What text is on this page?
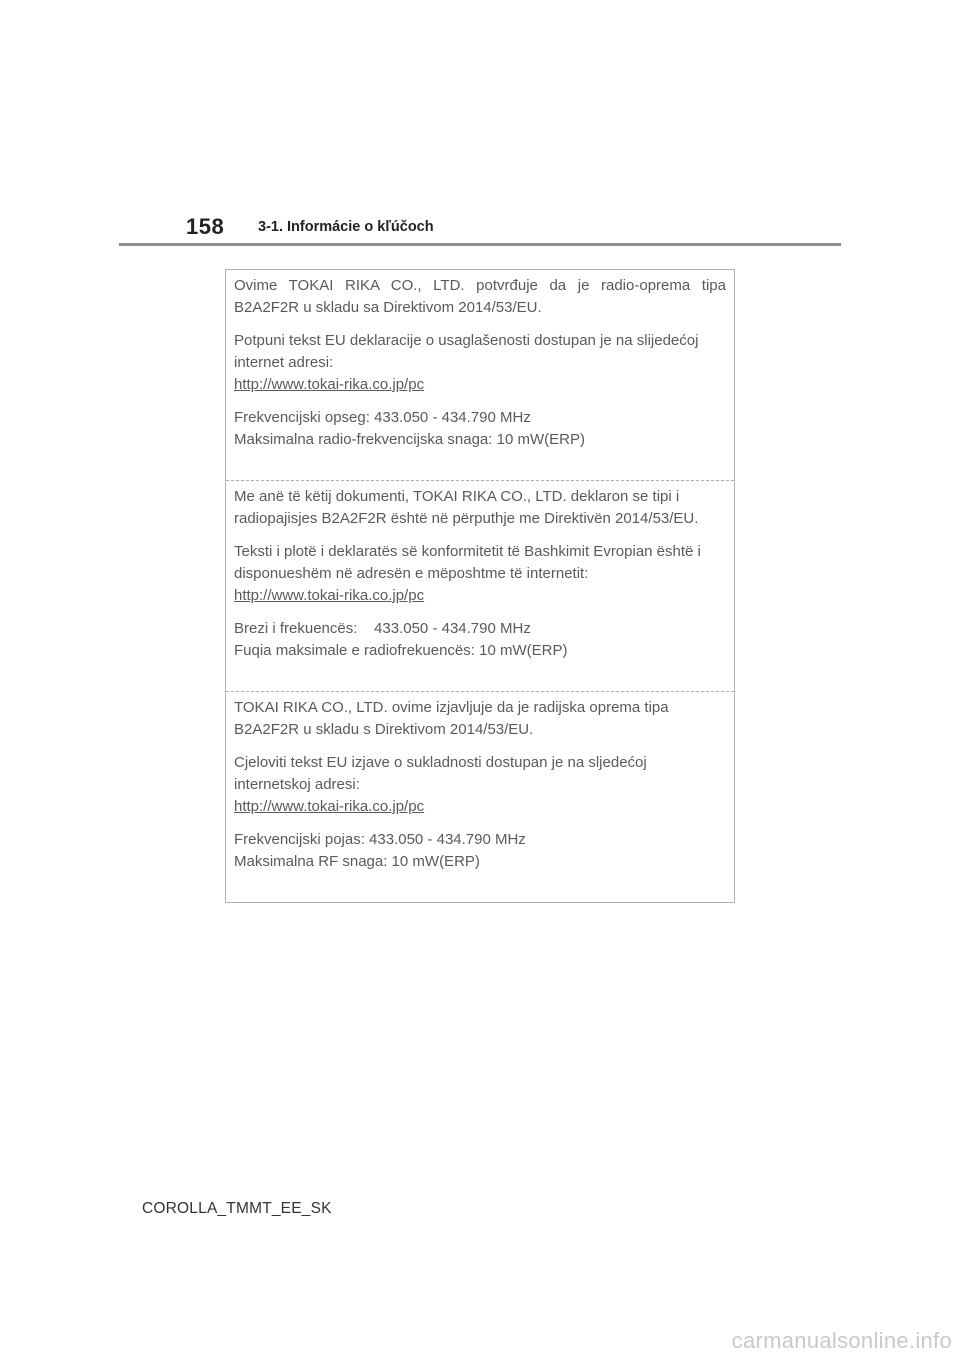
158 3-1. Informácie o kľúčoch

Ovime TOKAI RIKA CO., LTD. potvrđuje da je radio-oprema tipa

B2A2F2R u skladu sa Direktivom 2014/53/EU.

Potpuni tekst EU deklaracije o usaglašenosti dostupan je na slijedećoj

internet adresi:

http://www.tokai-rika.co.jp/pc

Frekvencijski opseg: 433.050 - 434.790 MHz

Maksimalna radio-frekvencijska snaga: 10 mW(ERP)

Me anë të këtij dokumenti, TOKAI RIKA CO., LTD. deklaron se tipi i

radiopajisjes B2A2F2R është në përputhje me Direktivën 2014/53/EU.

Teksti i plotë i deklaratës së konformitetit të Bashkimit Evropian është i

disponueshëm në adresën e mëposhtme të internetit:

http://www.tokai-rika.co.jp/pc

Brezi i frekuencës:    433.050 - 434.790 MHz

Fuqia maksimale e radiofrekuencës: 10 mW(ERP)

TOKAI RIKA CO., LTD. ovime izjavljuje da je radijska oprema tipa

B2A2F2R u skladu s Direktivom 2014/53/EU.

Cjeloviti tekst EU izjave o sukladnosti dostupan je na sljedećoj

internetskoj adresi:

http://www.tokai-rika.co.jp/pc

Frekvencijski pojas: 433.050 - 434.790 MHz

Maksimalna RF snaga: 10 mW(ERP)

COROLLA_TMMT_EE_SK
carmanualsonline.info
